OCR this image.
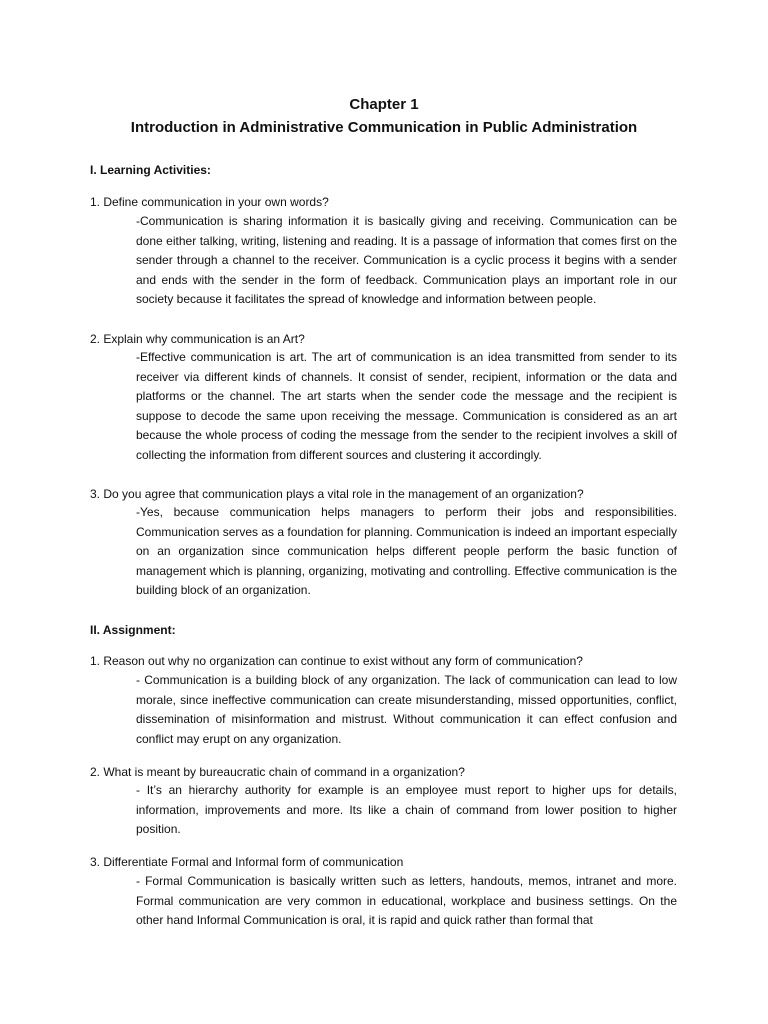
Chapter 1
Introduction in Administrative Communication in Public Administration
I. Learning Activities:
1. Define communication in your own words?
-Communication is sharing information it is basically giving and receiving. Communication can be done either talking, writing, listening and reading. It is a passage of information that comes first on the sender through a channel to the receiver. Communication is a cyclic process it begins with a sender and ends with the sender in the form of feedback. Communication plays an important role in our society because it facilitates the spread of knowledge and information between people.
2. Explain why communication is an Art?
-Effective communication is art. The art of communication is an idea transmitted from sender to its receiver via different kinds of channels. It consist of sender, recipient, information or the data and platforms or the channel. The art starts when the sender code the message and the recipient is suppose to decode the same upon receiving the message. Communication is considered as an art because the whole process of coding the message from the sender to the recipient involves a skill of collecting the information from different sources and clustering it accordingly.
3. Do you agree that communication plays a vital role in the management of an organization?
-Yes, because communication helps managers to perform their jobs and responsibilities. Communication serves as a foundation for planning. Communication is indeed an important especially on an organization since communication helps different people perform the basic function of management which is planning, organizing, motivating and controlling. Effective communication is the building block of an organization.
II. Assignment:
1. Reason out why no organization can continue to exist without any form of communication?
- Communication is a building block of any organization. The lack of communication can lead to low morale, since ineffective communication can create misunderstanding, missed opportunities, conflict, dissemination of misinformation and mistrust. Without communication it can effect confusion and conflict may erupt on any organization.
2. What is meant by bureaucratic chain of command in a organization?
- It’s an hierarchy authority for example is an employee must report to higher ups for details, information, improvements and more. Its like a chain of command from lower position to higher position.
3. Differentiate Formal and Informal form of communication
- Formal Communication is basically written such as letters, handouts, memos, intranet and more. Formal communication are very common in educational, workplace and business settings. On the other hand Informal Communication is oral, it is rapid and quick rather than formal that
